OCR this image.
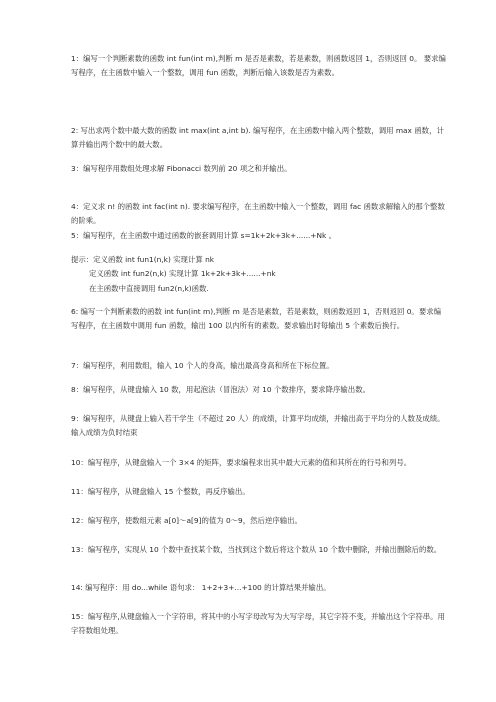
1：编写一个判断素数的函数 int fun(int m),判断 m 是否是素数，若是素数，则函数返回 1，否则返回 0。 要求编写程序，在主函数中输入一个整数，调用 fun 函数，判断后输入该数是否为素数。

2: 写出求两个数中最大数的函数 int max(int a,int b). 编写程序，在主函数中输入两个整数，调用 max 函数，计算并输出两个数中的最大数。

3：编写程序用数组处理求解 Fibonacci 数列前 20 项之和并输出。

4：定义求 n! 的函数 int fac(int n). 要求编写程序，在主函数中输入一个整数，调用 fac 函数求解输入的那个整数的阶乘。

5：编写程序，在主函数中通过函数的嵌套调用计算 s=1k+2k+3k+......+Nk 。

提示：定义函数 int fun1(n,k) 实现计算 nk

定义函数 int fun2(n,k) 实现计算 1k+2k+3k+......+nk

在主函数中直接调用 fun2(n,k)函数.

6: 编写一个判断素数的函数 int fun(int m),判断 m 是否是素数，若是素数，则函数返回 1，否则返回 0。要求编写程序，在主函数中调用 fun 函数，输出 100 以内所有的素数。要求输出时每输出 5 个素数后换行。

7：编写程序，利用数组，输入 10 个人的身高，输出最高身高和所在下标位置。

8：编写程序，从键盘输入 10 数，用起泡法（冒泡法）对 10 个数排序，要求降序输出数。

9：编写程序，从键盘上输入若干学生（不超过 20 人）的成绩，计算平均成绩，并输出高于平均分的人数及成绩。输入成绩为负时结束

10：编写程序，从键盘输入一个 3×4 的矩阵，要求编程求出其中最大元素的值和其所在的行号和列号。

11：编写程序，从键盘输入 15 个整数，再反序输出。

12：编写程序，使数组元素 a[0]～a[9]的值为 0～9，然后逆序输出。

13：编写程序，实现从 10 个数中查找某个数，当找到这个数后将这个数从 10 个数中删除，并输出删除后的数。

14: 编写程序：用 do...while 语句求： 1+2+3+...+100 的计算结果并输出。

15：编写程序,从键盘输入一个字符串，将其中的小写字母改写为大写字母，其它字符不变，并输出这个字符串。用字符数组处理。
